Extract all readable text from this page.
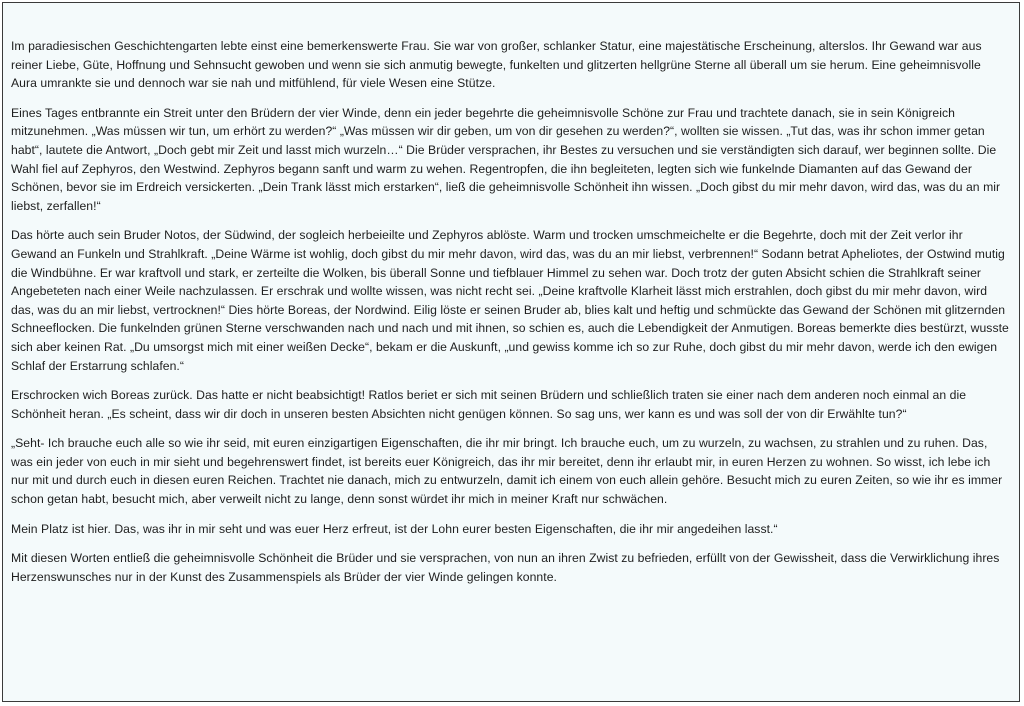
Im paradiesischen Geschichtengarten lebte einst eine bemerkenswerte Frau. Sie war von großer, schlanker Statur, eine majestätische Erscheinung, alterslos. Ihr Gewand war aus reiner Liebe, Güte, Hoffnung und Sehnsucht gewoben und wenn sie sich anmutig bewegte, funkelten und glitzerten hellgrüne Sterne all überall um sie herum. Eine geheimnisvolle Aura umrankte sie und dennoch war sie nah und mitfühlend, für viele Wesen eine Stütze.

Eines Tages entbrannte ein Streit unter den Brüdern der vier Winde, denn ein jeder begehrte die geheimnisvolle Schöne zur Frau und trachtete danach, sie in sein Königreich mitzunehmen. „Was müssen wir tun, um erhört zu werden?“ „Was müssen wir dir geben, um von dir gesehen zu werden?“, wollten sie wissen. „Tut das, was ihr schon immer getan habt“, lautete die Antwort, „Doch gebt mir Zeit und lasst mich wurzeln…“ Die Brüder versprachen, ihr Bestes zu versuchen und sie verständigten sich darauf, wer beginnen sollte. Die Wahl fiel auf Zephyros, den Westwind. Zephyros begann sanft und warm zu wehen. Regentropfen, die ihn begleiteten, legten sich wie funkelnde Diamanten auf das Gewand der Schönen, bevor sie im Erdreich versickerten. „Dein Trank lässt mich erstarken“, ließ die geheimnisvolle Schönheit ihn wissen. „Doch gibst du mir mehr davon, wird das, was du an mir liebst, zerfallen!“

Das hörte auch sein Bruder Notos, der Südwind, der sogleich herbeieilte und Zephyros ablöste. Warm und trocken umschmeichelte er die Begehrte, doch mit der Zeit verlor ihr Gewand an Funkeln und Strahlkraft. „Deine Wärme ist wohlig, doch gibst du mir mehr davon, wird das, was du an mir liebst, verbrennen!“ Sodann betrat Apheliotes, der Ostwind mutig die Windbühne. Er war kraftvoll und stark, er zerteilte die Wolken, bis überall Sonne und tiefblauer Himmel zu sehen war. Doch trotz der guten Absicht schien die Strahlkraft seiner Angebeteten nach einer Weile nachzulassen. Er erschrak und wollte wissen, was nicht recht sei. „Deine kraftvolle Klarheit lässt mich erstrahlen, doch gibst du mir mehr davon, wird das, was du an mir liebst, vertrocknen!“ Dies hörte Boreas, der Nordwind. Eilig löste er seinen Bruder ab, blies kalt und heftig und schmückte das Gewand der Schönen mit glitzernden Schneeflocken. Die funkelnden grünen Sterne verschwanden nach und nach und mit ihnen, so schien es, auch die Lebendigkeit der Anmutigen. Boreas bemerkte dies bestürzt, wusste sich aber keinen Rat. „Du umsorgst mich mit einer weißen Decke“, bekam er die Auskunft, „und gewiss komme ich so zur Ruhe, doch gibst du mir mehr davon, werde ich den ewigen Schlaf der Erstarrung schlafen.“

Erschrocken wich Boreas zurück. Das hatte er nicht beabsichtigt! Ratlos beriet er sich mit seinen Brüdern und schließlich traten sie einer nach dem anderen noch einmal an die Schönheit heran. „Es scheint, dass wir dir doch in unseren besten Absichten nicht genügen können. So sag uns, wer kann es und was soll der von dir Erwählte tun?“

„Seht- Ich brauche euch alle so wie ihr seid, mit euren einzigartigen Eigenschaften, die ihr mir bringt. Ich brauche euch, um zu wurzeln, zu wachsen, zu strahlen und zu ruhen. Das, was ein jeder von euch in mir sieht und begehrenswert findet, ist bereits euer Königreich, das ihr mir bereitet, denn ihr erlaubt mir, in euren Herzen zu wohnen. So wisst, ich lebe ich nur mit und durch euch in diesen euren Reichen. Trachtet nie danach, mich zu entwurzeln, damit ich einem von euch allein gehöre. Besucht mich zu euren Zeiten, so wie ihr es immer schon getan habt, besucht mich, aber verweilt nicht zu lange, denn sonst würdet ihr mich in meiner Kraft nur schwächen.

Mein Platz ist hier. Das, was ihr in mir seht und was euer Herz erfreut, ist der Lohn eurer besten Eigenschaften, die ihr mir angedeihen lasst.“

Mit diesen Worten entließ die geheimnisvolle Schönheit die Brüder und sie versprachen, von nun an ihren Zwist zu befrieden, erfüllt von der Gewissheit, dass die Verwirklichung ihres Herzenswunsches nur in der Kunst des Zusammenspiels als Brüder der vier Winde gelingen konnte.
